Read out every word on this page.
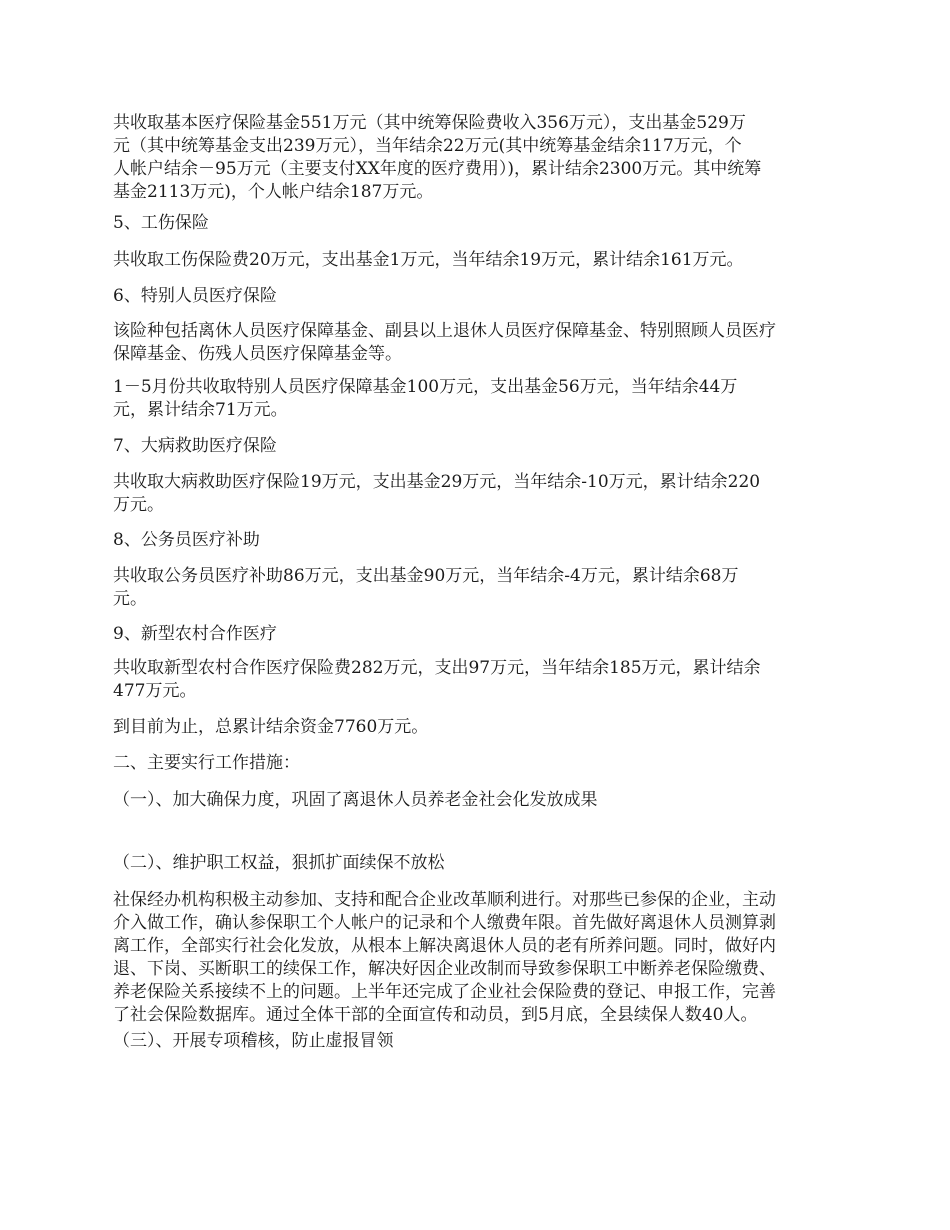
共收取基本医疗保险基金551万元（其中统筹保险费收入356万元），支出基金529万
元（其中统筹基金支出239万元），当年结余22万元(其中统筹基金结余117万元，个
人帐户结余－95万元（主要支付XX年度的医疗费用）)，累计结余2300万元。其中统筹
基金2113万元)，个人帐户结余187万元。
5、工伤保险
共收取工伤保险费20万元，支出基金1万元，当年结余19万元，累计结余161万元。
6、特别人员医疗保险
该险种包括离休人员医疗保障基金、副县以上退休人员医疗保障基金、特别照顾人员医疗
保障基金、伤残人员医疗保障基金等。
1－5月份共收取特别人员医疗保障基金100万元，支出基金56万元，当年结余44万
元，累计结余71万元。
7、大病救助医疗保险
共收取大病救助医疗保险19万元，支出基金29万元，当年结余-10万元，累计结余220
万元。
8、公务员医疗补助
共收取公务员医疗补助86万元，支出基金90万元，当年结余-4万元，累计结余68万
元。
9、新型农村合作医疗
共收取新型农村合作医疗保险费282万元，支出97万元，当年结余185万元，累计结余
477万元。
到目前为止，总累计结余资金7760万元。
二、主要实行工作措施：
（一）、加大确保力度，巩固了离退休人员养老金社会化发放成果
（二）、维护职工权益，狠抓扩面续保不放松
社保经办机构积极主动参加、支持和配合企业改革顺利进行。对那些已参保的企业，主动
介入做工作，确认参保职工个人帐户的记录和个人缴费年限。首先做好离退休人员测算剥
离工作，全部实行社会化发放，从根本上解决离退休人员的老有所养问题。同时，做好内
退、下岗、买断职工的续保工作，解决好因企业改制而导致参保职工中断养老保险缴费、
养老保险关系接续不上的问题。上半年还完成了企业社会保险费的登记、申报工作，完善
了社会保险数据库。通过全体干部的全面宣传和动员，到5月底，全县续保人数40人。
（三）、开展专项稽核，防止虚报冒领
